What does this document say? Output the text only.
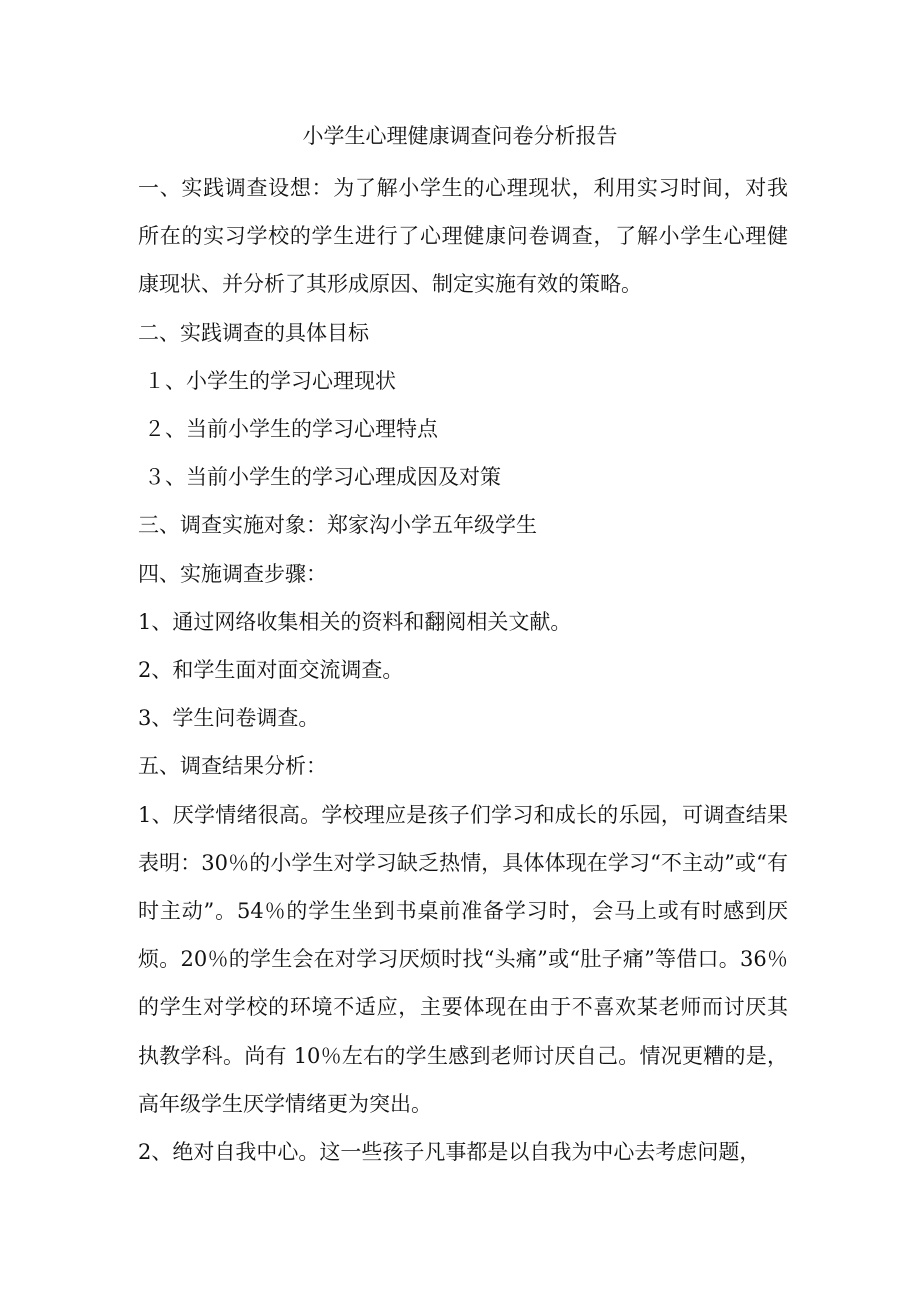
小学生心理健康调查问卷分析报告

一、实践调查设想：为了解小学生的心理现状，利用实习时间，对我所在的实习学校的学生进行了心理健康问卷调查，了解小学生心理健康现状、并分析了其形成原因、制定实施有效的策略。

二、实践调查的具体目标

１、小学生的学习心理现状

２、当前小学生的学习心理特点

３、当前小学生的学习心理成因及对策

三、调查实施对象：郑家沟小学五年级学生

四、实施调查步骤：

1、通过网络收集相关的资料和翻阅相关文献。

2、和学生面对面交流调查。

3、学生问卷调查。

五、调查结果分析：

1、厌学情绪很高。学校理应是孩子们学习和成长的乐园，可调查结果表明：30％的小学生对学习缺乏热情，具体体现在学习“不主动”或“有时主动”。54％的学生坐到书桌前准备学习时，会马上或有时感到厌烦。20％的学生会在对学习厌烦时找“头痛”或“肚子痛”等借口。36％的学生对学校的环境不适应，主要体现在由于不喜欢某老师而讨厌其执教学科。尚有 10％左右的学生感到老师讨厌自己。情况更糟的是，高年级学生厌学情绪更为突出。

2、绝对自我中心。这一些孩子凡事都是以自我为中心去考虑问题，
